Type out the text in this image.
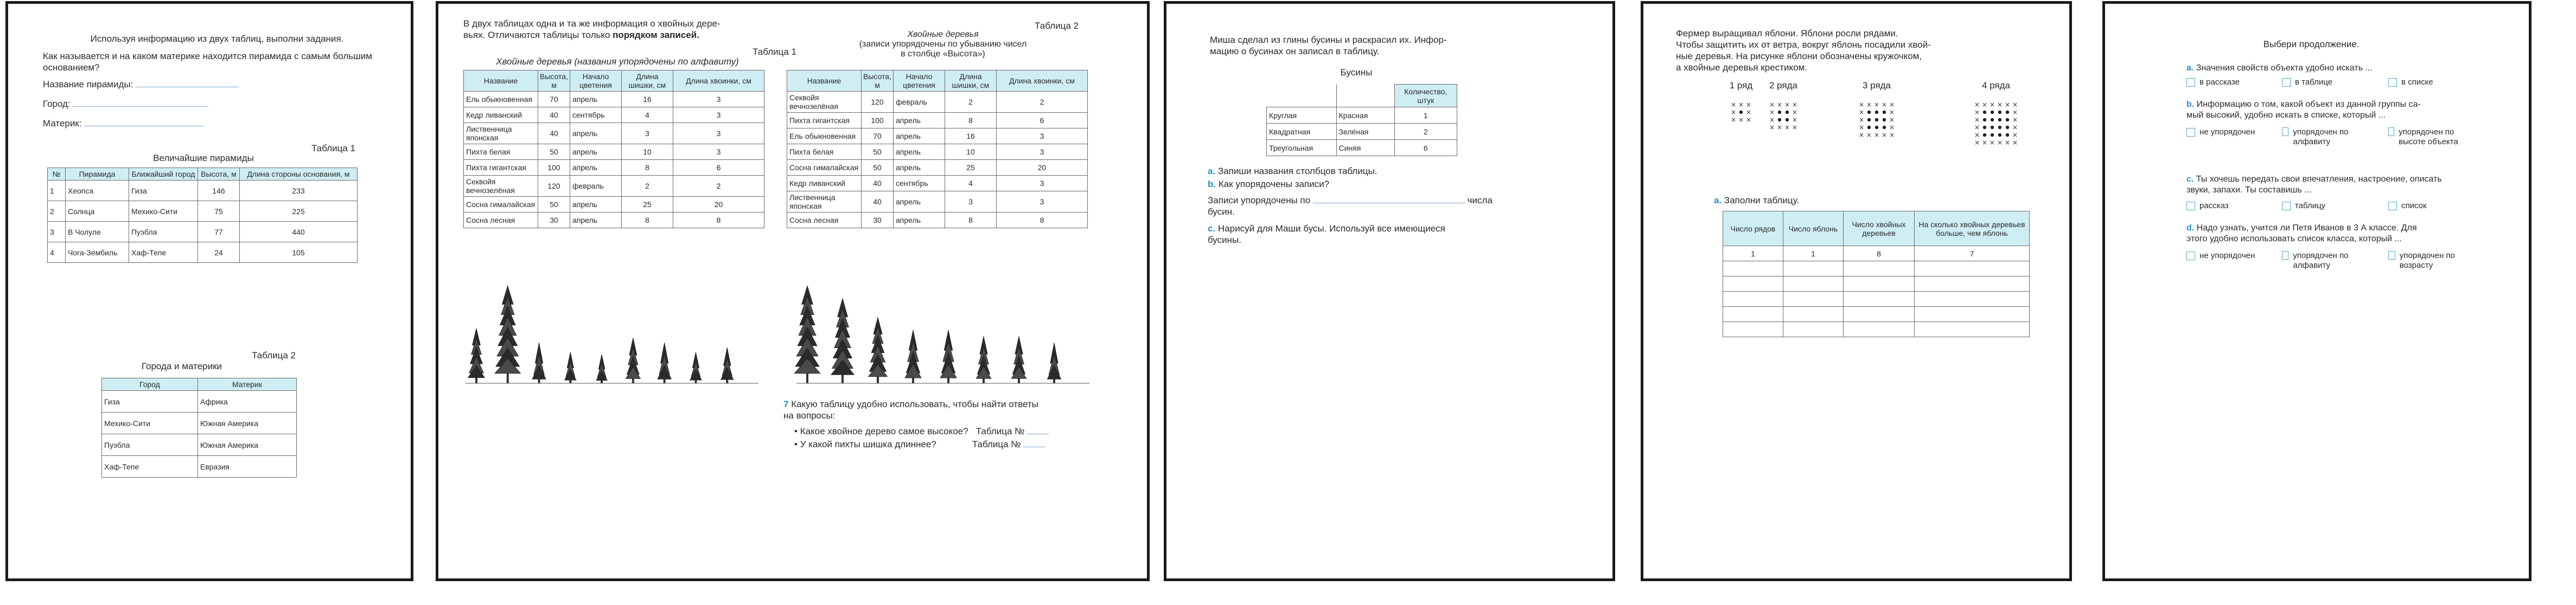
Используя информацию из двух таблиц, выполни задания.

Как называется и на каком материке находится пирамида с самым большим основанием?

Название пирамиды:

Город:

Материк:

Таблица 1

Величайшие пирамиды

№	Пирамида	Ближайший город	Высота, м	Длина стороны основания, м
1	Хеопса	Гиза	146	233
2	Солнца	Мехико-Сити	75	225
3	В Чолуле	Пуэбла	77	440
4	Чога-Зембиль	Хаф-Тепе	24	105

Таблица 2

Города и материки

Город	Материк
Гиза	Африка
Мехико-Сити	Южная Америка
Пуэбла	Южная Америка
Хаф-Тепе	Евразия

В двух таблицах одна и та же информация о хвойных дере-
вьях. Отличаются таблицы только порядком записей.

Таблица 1

Хвойные деревья (названия упорядочены по алфавиту)

Название	Высота, м	Начало цветения	Длина шишки, см	Длина хвоинки, см
Ель обыкновенная	70	апрель	16	3
Кедр ливанский	40	сентябрь	4	3
Лиственница японская	40	апрель	3	3
Пихта белая	50	апрель	10	3
Пихта гигантская	100	апрель	8	6
Секвойя вечнозелёная	120	февраль	2	2
Сосна гималайская	50	апрель	25	20
Сосна лесная	30	апрель	8	8

Таблица 2

Хвойные деревья
(записи упорядочены по убыванию чисел
в столбце «Высота»)

Название	Высота, м	Начало цветения	Длина шишки, см	Длина хвоинки, см
Секвойя вечнозелёная	120	февраль	2	2
Пихта гигантская	100	апрель	8	6
Ель обыкновенная	70	апрель	16	3
Пихта белая	50	апрель	10	3
Сосна гималайская	50	апрель	25	20
Кедр ливанский	40	сентябрь	4	3
Лиственница японская	40	апрель	3	3
Сосна лесная	30	апрель	8	8

7 Какую таблицу удобно использовать, чтобы найти ответы
на вопросы:

• Какое хвойное дерево самое высокое? Таблица №

• У какой пихты шишка длиннее?	Таблица №

Миша сделал из глины бусины и раскрасил их. Инфор-
мацию о бусинах он записал в таблицу.

Бусины

		Количество, штук
Круглая	Красная	1
Квадратная	Зелёная	2
Треугольная	Синяя	6

a. Запиши названия столбцов таблицы.

b. Как упорядочены записи?

Записи упорядочены по	числа
бусин.

c. Нарисуй для Маши бусы. Используй все имеющиеся
бусины.

Фермер выращивал яблони. Яблони росли рядами.
Чтобы защитить их от ветра, вокруг яблонь посадили хвой-
ные деревья. На рисунке яблони обозначены кружочком,
а хвойные деревья крестиком.

1 ряд	2 ряда	3 ряда	4 ряда

× × ×
× ×
× × ×
× × × ×
×	×
×	×
× × × ×
× × × × ×
×	×
×	×
×	×
× × × × ×
× × × × × ×
×	×
×	×
×	×
×	×
× × × × × ×

a. Заполни таблицу.

Число рядов	Число яблонь	Число хвойных деревьев	На сколько хвойных деревьев больше, чем яблонь
1	1	8	7

Выбери продолжение.

a. Значения свойств объекта удобно искать ...

в рассказе	в таблице	в списке

b. Информацию о том, какой объект из данной группы са-
мый высокий, удобно искать в списке, который ...

не упорядочен	упорядочен по алфавиту
упорядочен по высоте объекта

c. Ты хочешь передать свои впечатления, настроение, описать
звуки, запахи. Ты составишь ...

рассказ	таблицу	список

d. Надо узнать, учится ли Петя Иванов в 3 А классе. Для
этого удобно использовать список класса, который ...

не упорядочен	упорядочен по алфавиту
упорядочен по возрасту
